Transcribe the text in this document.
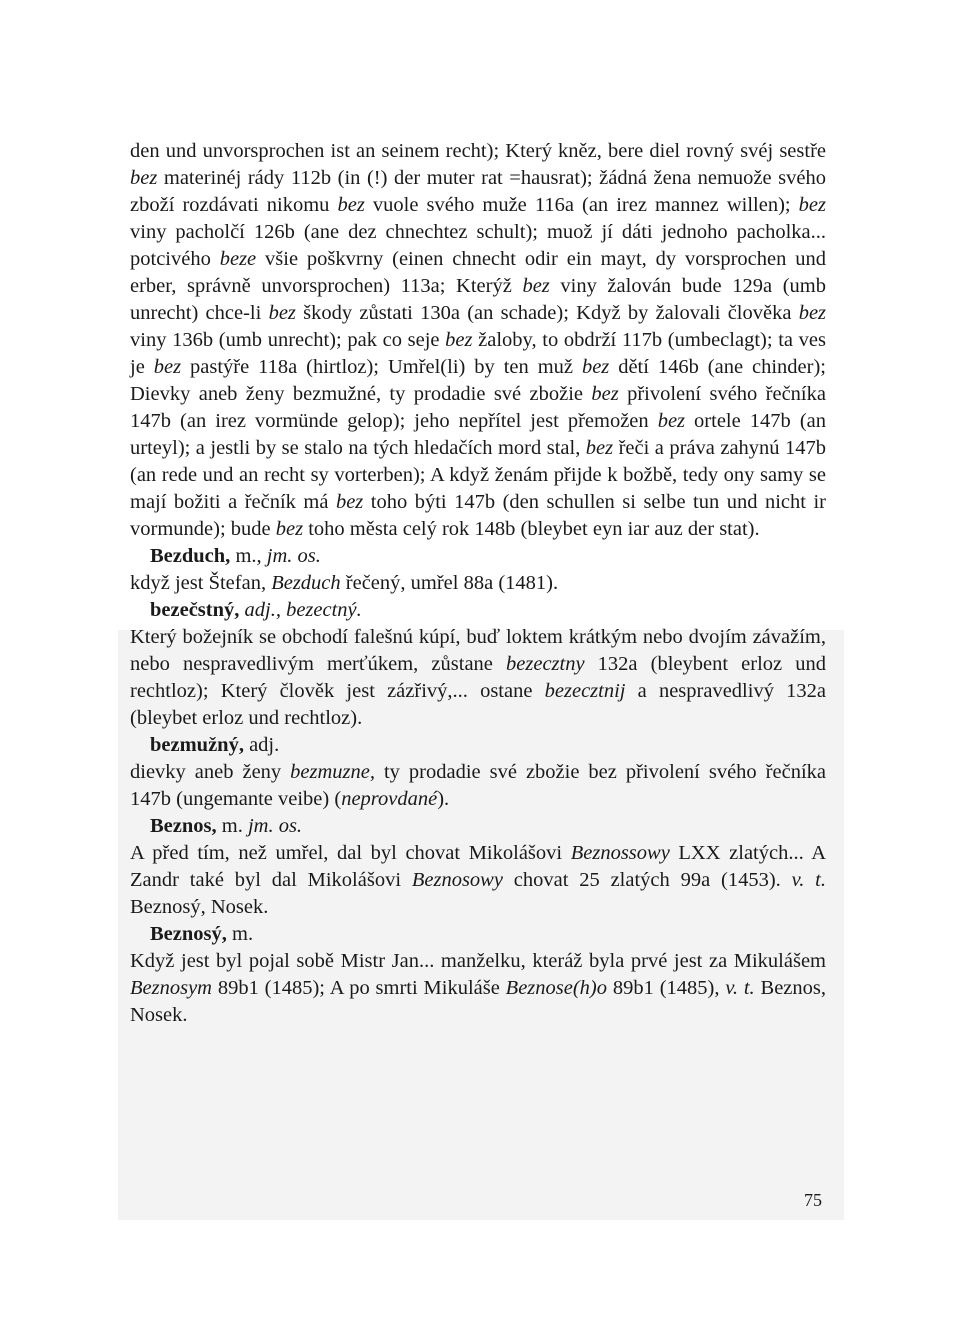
den und unvorsprochen ist an seinem recht); Který kněz, bere diel rovný svéj sestře bez materinéj rády 112b (in (!) der muter rat =hausrat); žádná žena nemuože svého zboží rozdávati nikomu bez vuole svého muže 116a (an irez mannez willen); bez viny pacholčí 126b (ane dez chnechtez schult); muož jí dáti jednoho pacholka... potcivého beze všie poškvrny (einen chnecht odir ein mayt, dy vorsprochen und erber, správně unvorsprochen) 113a; Kterýž bez viny žalován bude 129a (umb unrecht) chce-li bez škody zůstati 130a (an schade); Když by žalovali člověka bez viny 136b (umb unrecht); pak co seje bez žaloby, to obdrží 117b (umbeclagt); ta ves je bez pastýře 118a (hirtloz); Umřel(li) by ten muž bez dětí 146b (ane chinder); Dievky aneb ženy bezmužné, ty prodadie své zbožie bez přivolení svého řečníka 147b (an irez vormünde gelop); jeho nepřítel jest přemožen bez ortele 147b (an urteyl); a jestli by se stalo na tých hledačích mord stal, bez řeči a práva zahynú 147b (an rede und an recht sy vorterben); A když ženám přijde k božbě, tedy ony samy se mají božiti a řečník má bez toho býti 147b (den schullen si selbe tun und nicht ir vormunde); bude bez toho města celý rok 148b (bleybet eyn iar auz der stat).

Bezduch, m., jm. os.

když jest Štefan, Bezduch řečený, umřel 88a (1481).

bezečstný, adj., bezectný.

Který božejník se obchodí falešnú kúpí, buď loktem krátkým nebo dvojím závažím, nebo nespravedlivým merťúkem, zůstane bezecztny 132a (bleybent erloz und rechtloz); Který člověk jest zázřivý,... ostane bezecztnij a nespravedlivý 132a (bleybet erloz und rechtloz).

bezmužný, adj.

dievky aneb ženy bezmuzne, ty prodadie své zbožie bez přivolení svého řečníka 147b (ungemante veibe) (neprovdané).

Beznos, m. jm. os.

A před tím, než umřel, dal byl chovat Mikolášovi Beznossowy LXX zlatých... A Zandr také byl dal Mikolášovi Beznosowy chovat 25 zlatých 99a (1453). v. t. Beznosý, Nosek.

Beznosý, m.

Když jest byl pojal sobě Mistr Jan... manželku, kteráž byla prvé jest za Mikulášem Beznosym 89b1 (1485); A po smrti Mikuláše Beznose(h)o 89b1 (1485), v. t. Beznos, Nosek.

75
